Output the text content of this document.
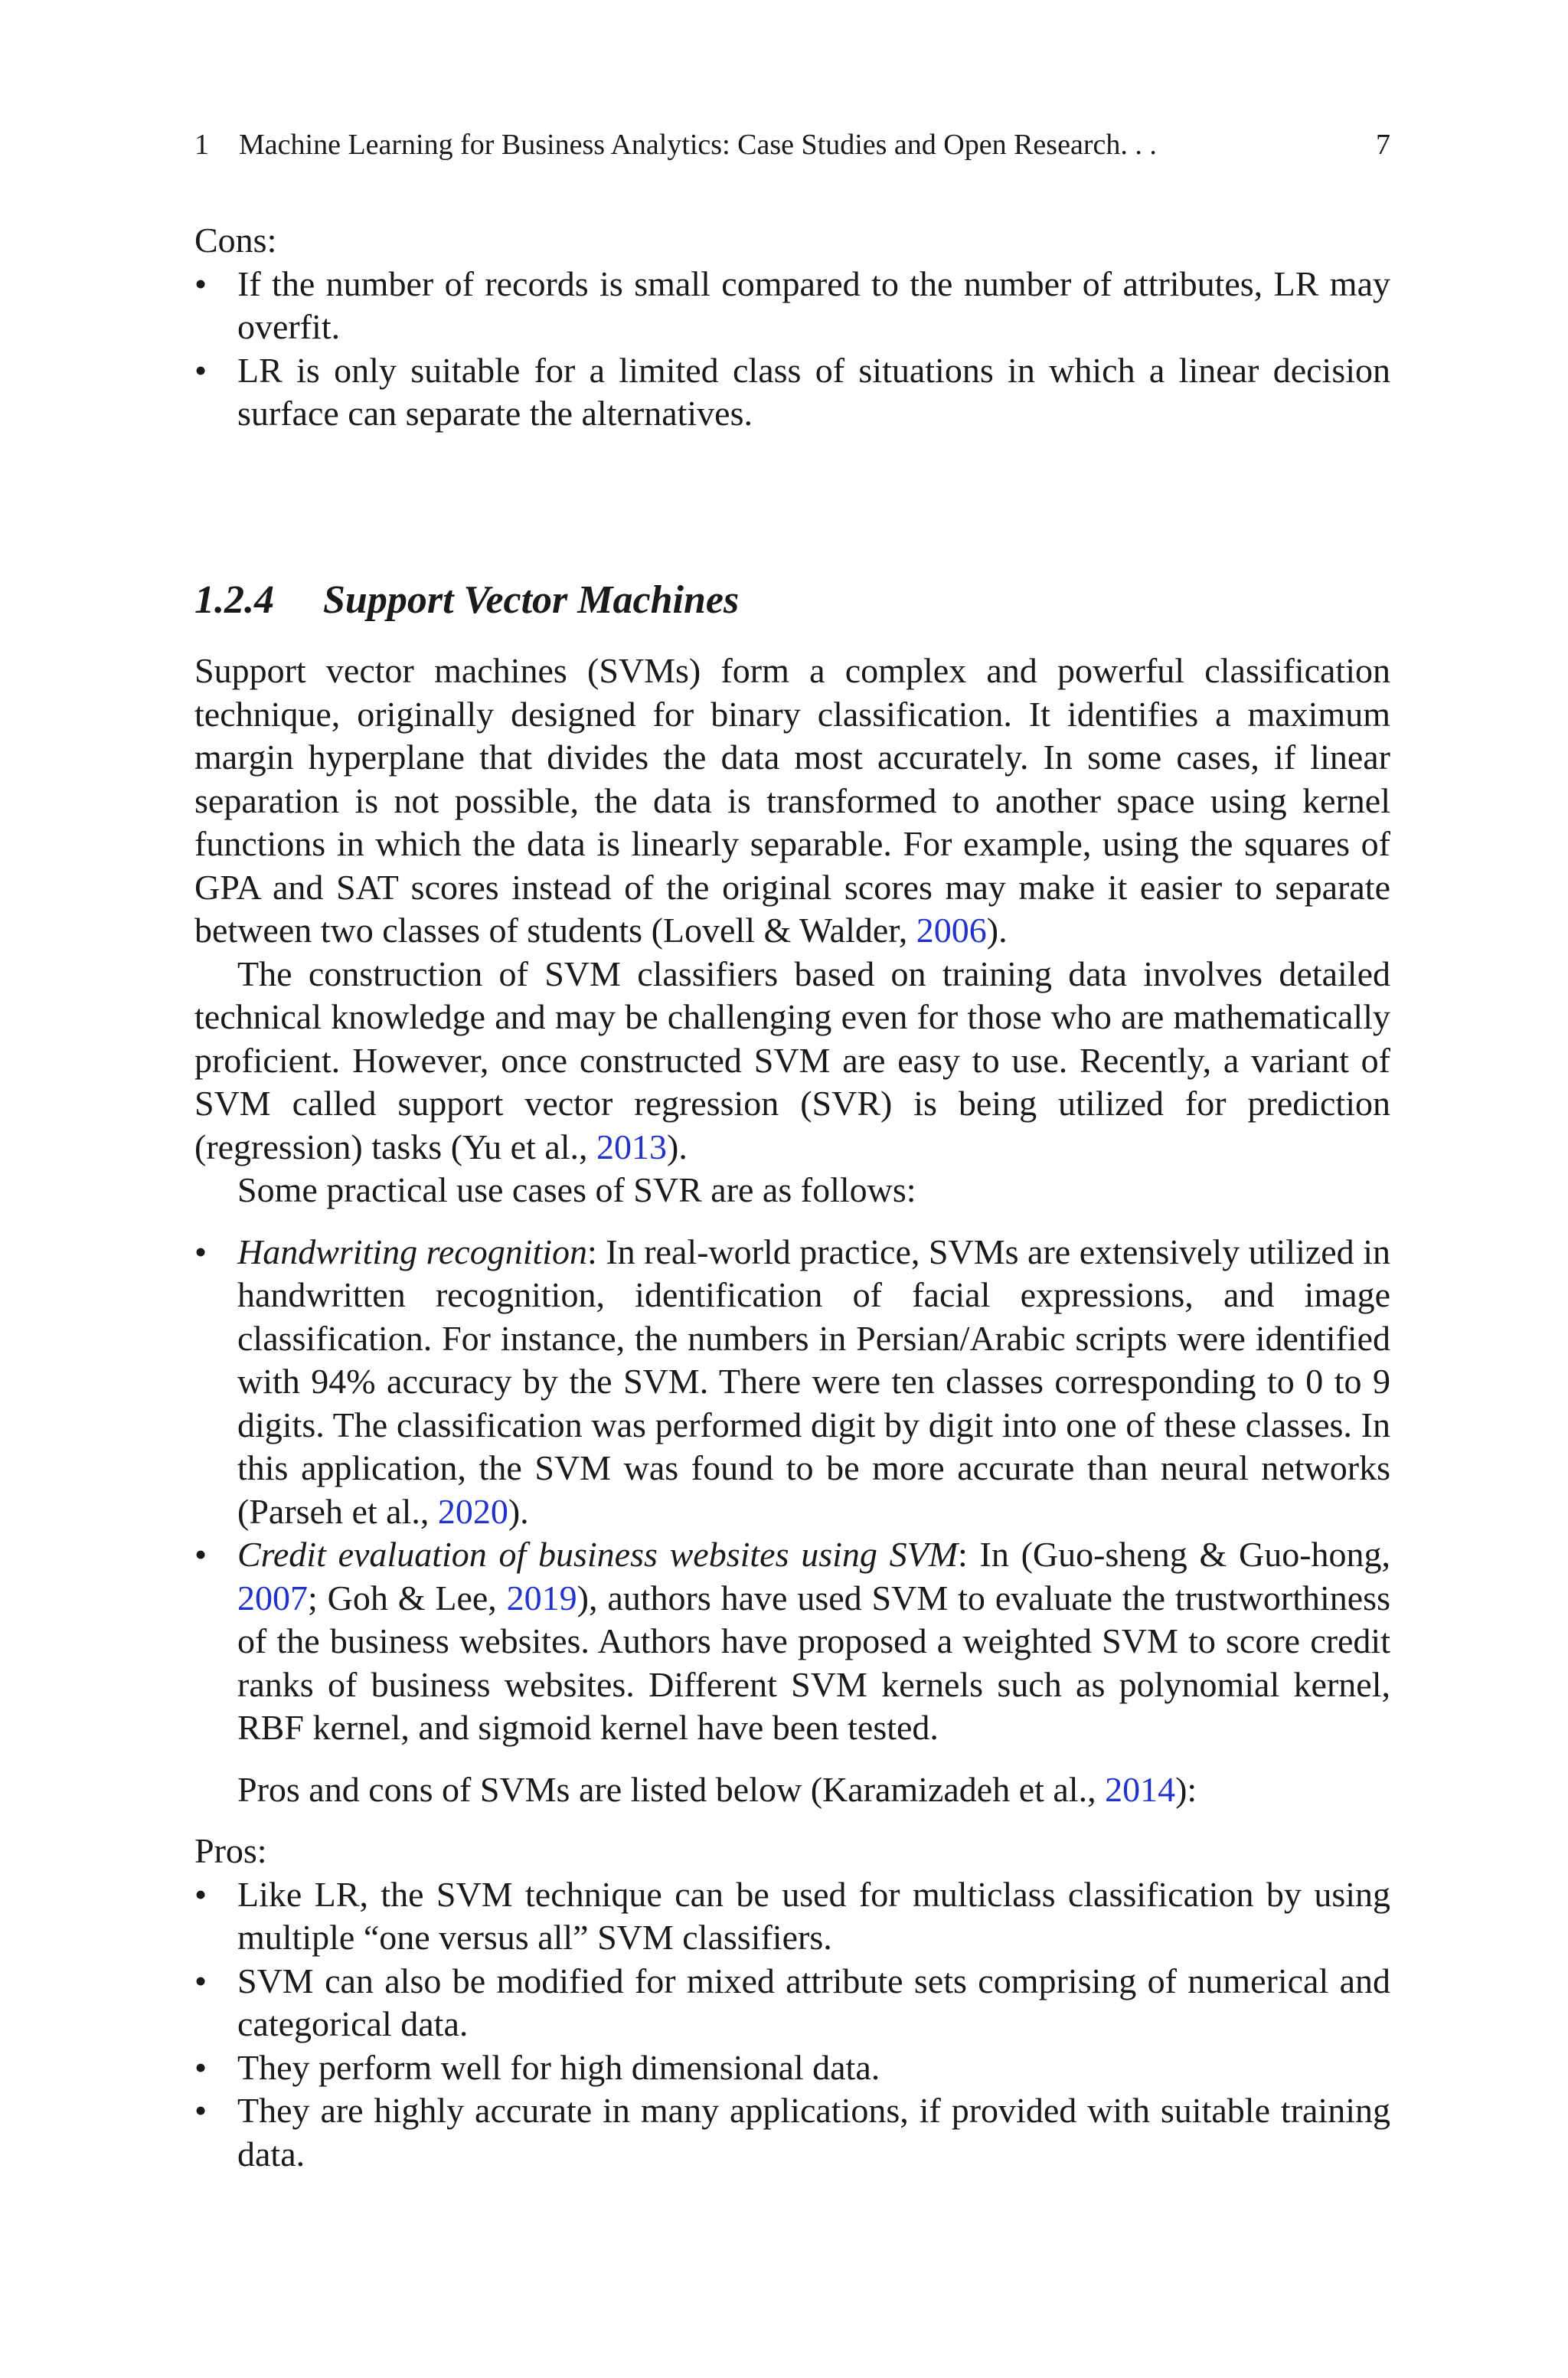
1 Machine Learning for Business Analytics: Case Studies and Open Research. . .	7

Cons:

• If the number of records is small compared to the number of attributes, LR may overfit.
• LR is only suitable for a limited class of situations in which a linear decision surface can separate the alternatives.
1.2.4 Support Vector Machines

Support vector machines (SVMs) form a complex and powerful classification technique, originally designed for binary classification. It identifies a maximum margin hyperplane that divides the data most accurately. In some cases, if linear separation is not possible, the data is transformed to another space using kernel functions in which the data is linearly separable. For example, using the squares of GPA and SAT scores instead of the original scores may make it easier to separate between two classes of students (Lovell & Walder, 2006).

The construction of SVM classifiers based on training data involves detailed technical knowledge and may be challenging even for those who are mathematically proficient. However, once constructed SVM are easy to use. Recently, a variant of SVM called support vector regression (SVR) is being utilized for prediction (regression) tasks (Yu et al., 2013).

Some practical use cases of SVR are as follows:

• Handwriting recognition: In real-world practice, SVMs are extensively utilized in handwritten recognition, identification of facial expressions, and image classification. For instance, the numbers in Persian/Arabic scripts were identified with 94% accuracy by the SVM. There were ten classes corresponding to 0 to 9 digits. The classification was performed digit by digit into one of these classes. In this application, the SVM was found to be more accurate than neural networks (Parseh et al., 2020).
• Credit evaluation of business websites using SVM: In (Guo-sheng & Guo-hong, 2007; Goh & Lee, 2019), authors have used SVM to evaluate the trustworthiness of the business websites. Authors have proposed a weighted SVM to score credit ranks of business websites. Different SVM kernels such as polynomial kernel, RBF kernel, and sigmoid kernel have been tested.

Pros and cons of SVMs are listed below (Karamizadeh et al., 2014):

Pros:

• Like LR, the SVM technique can be used for multiclass classification by using multiple “one versus all” SVM classifiers.
• SVM can also be modified for mixed attribute sets comprising of numerical and categorical data.
• They perform well for high dimensional data.
• They are highly accurate in many applications, if provided with suitable training data.
